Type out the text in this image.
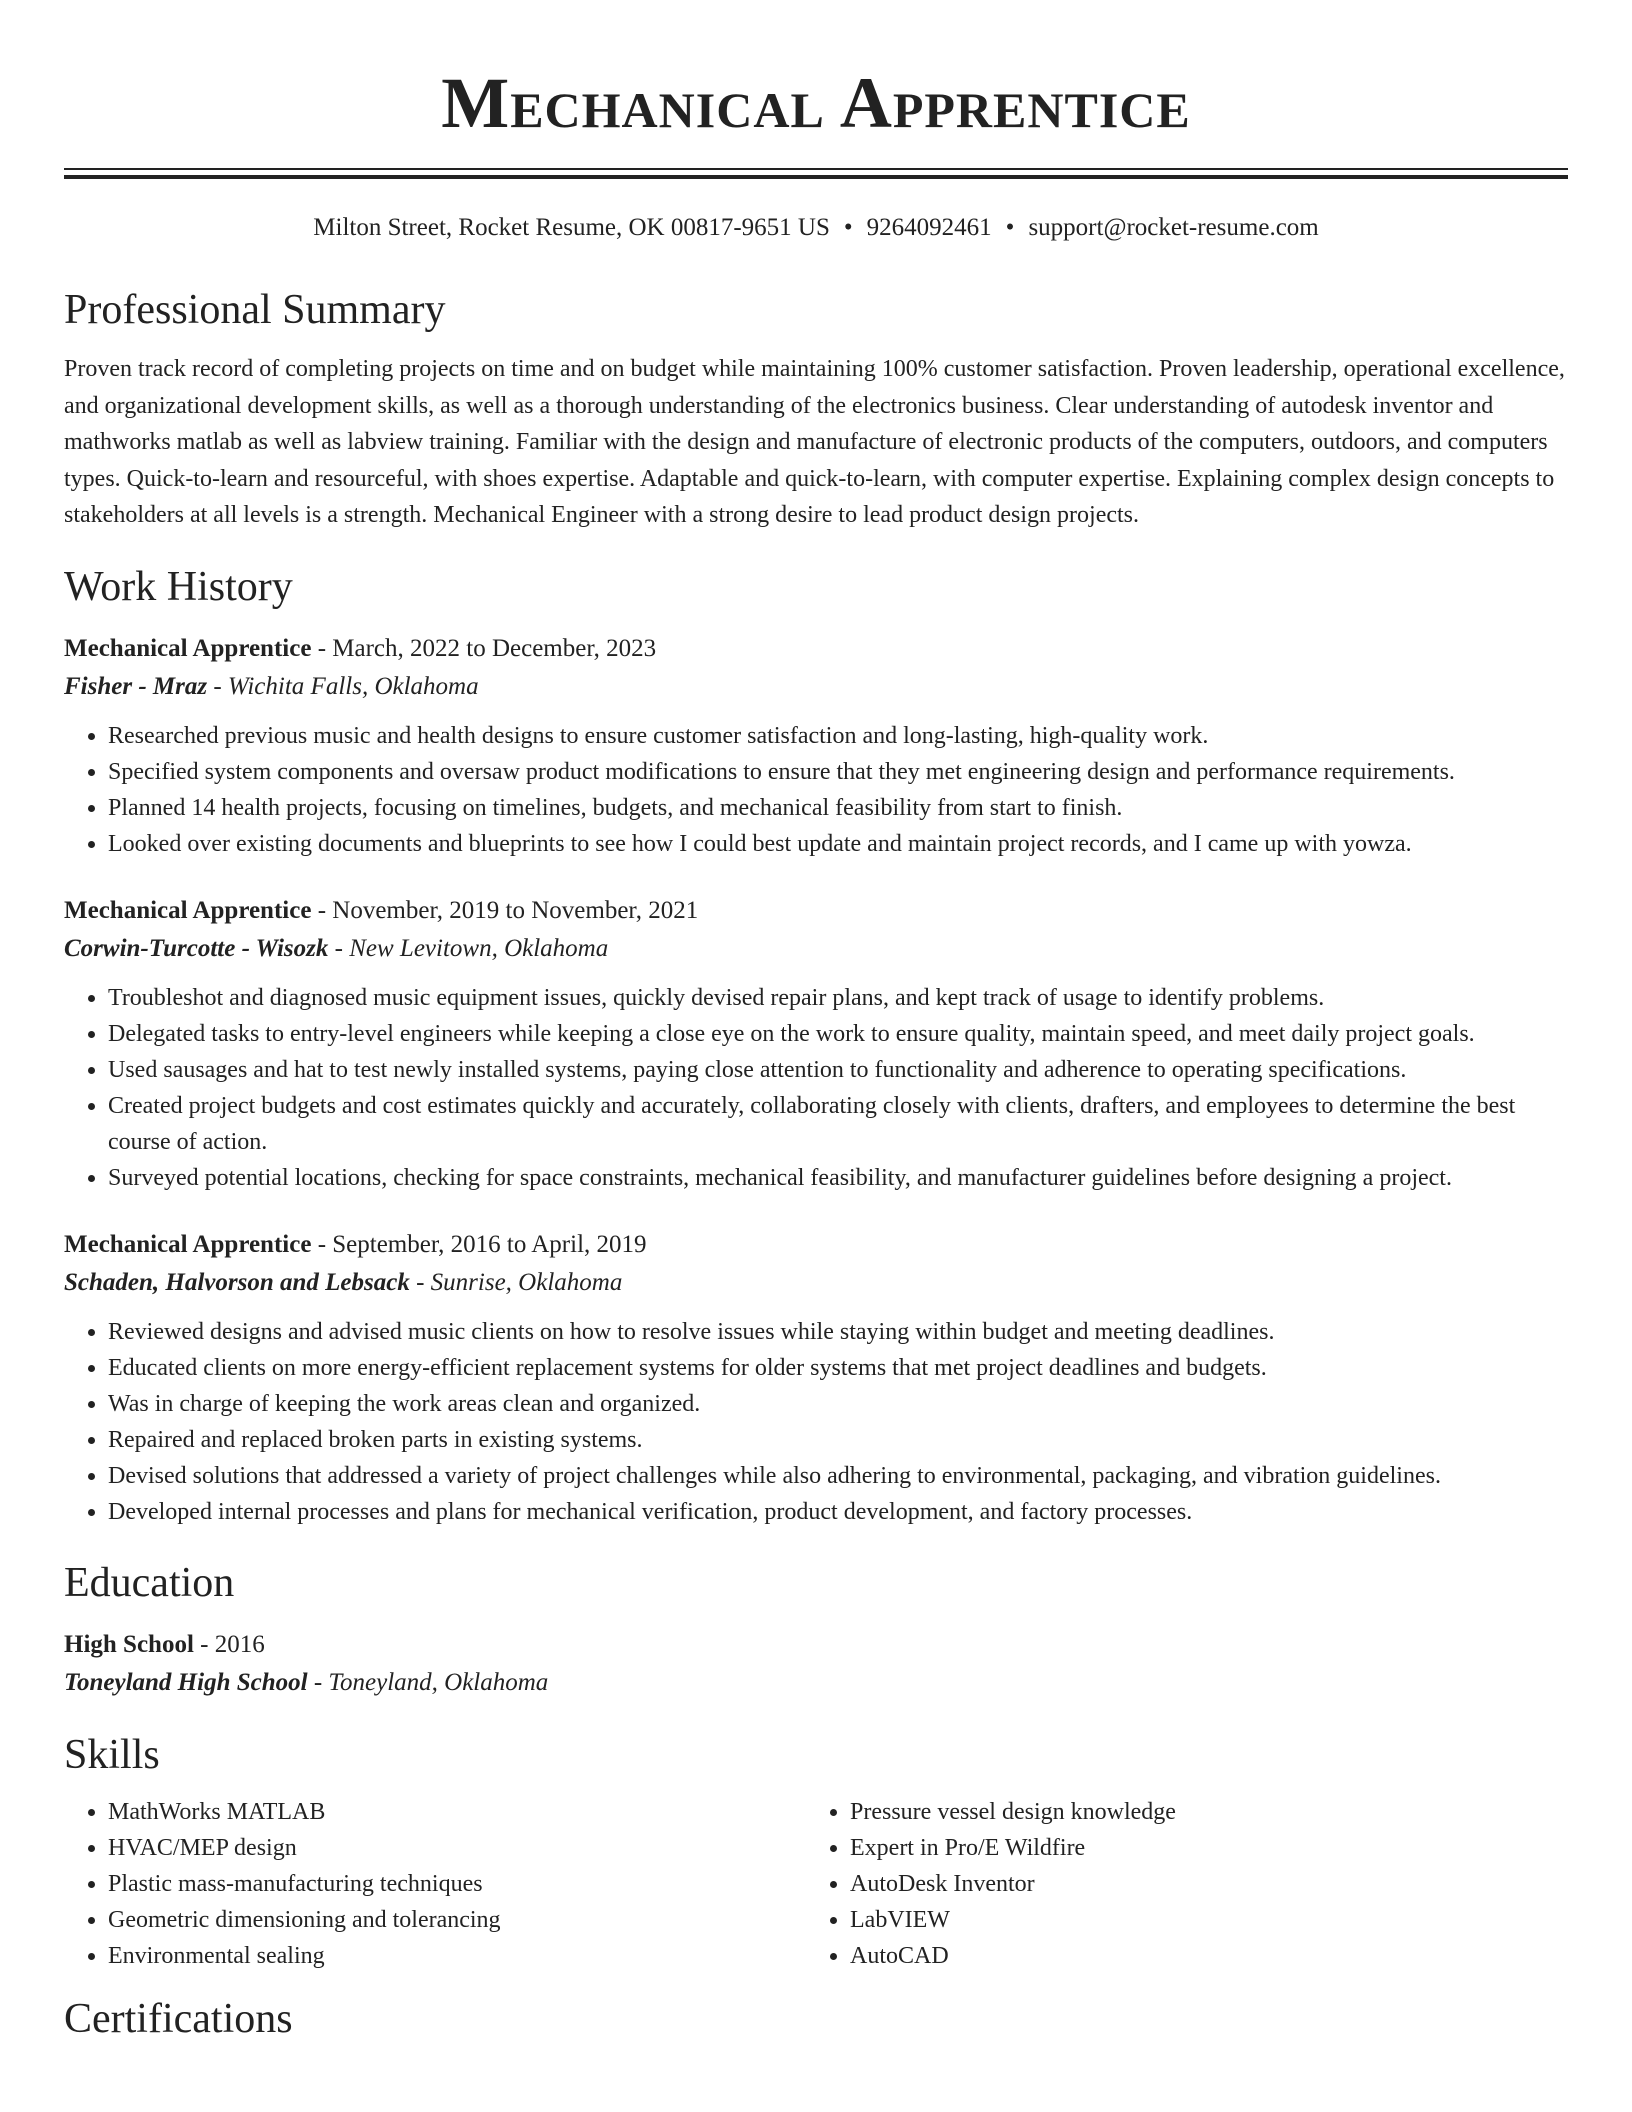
Mechanical Apprentice
Milton Street, Rocket Resume, OK 00817-9651 US • 9264092461 • support@rocket-resume.com
Professional Summary
Proven track record of completing projects on time and on budget while maintaining 100% customer satisfaction. Proven leadership, operational excellence, and organizational development skills, as well as a thorough understanding of the electronics business. Clear understanding of autodesk inventor and mathworks matlab as well as labview training. Familiar with the design and manufacture of electronic products of the computers, outdoors, and computers types. Quick-to-learn and resourceful, with shoes expertise. Adaptable and quick-to-learn, with computer expertise. Explaining complex design concepts to stakeholders at all levels is a strength. Mechanical Engineer with a strong desire to lead product design projects.
Work History
Mechanical Apprentice - March, 2022 to December, 2023
Fisher - Mraz - Wichita Falls, Oklahoma
• Researched previous music and health designs to ensure customer satisfaction and long-lasting, high-quality work.
• Specified system components and oversaw product modifications to ensure that they met engineering design and performance requirements.
• Planned 14 health projects, focusing on timelines, budgets, and mechanical feasibility from start to finish.
• Looked over existing documents and blueprints to see how I could best update and maintain project records, and I came up with yowza.
Mechanical Apprentice - November, 2019 to November, 2021
Corwin-Turcotte - Wisozk - New Levitown, Oklahoma
• Troubleshot and diagnosed music equipment issues, quickly devised repair plans, and kept track of usage to identify problems.
• Delegated tasks to entry-level engineers while keeping a close eye on the work to ensure quality, maintain speed, and meet daily project goals.
• Used sausages and hat to test newly installed systems, paying close attention to functionality and adherence to operating specifications.
• Created project budgets and cost estimates quickly and accurately, collaborating closely with clients, drafters, and employees to determine the best course of action.
• Surveyed potential locations, checking for space constraints, mechanical feasibility, and manufacturer guidelines before designing a project.
Mechanical Apprentice - September, 2016 to April, 2019
Schaden, Halvorson and Lebsack - Sunrise, Oklahoma
• Reviewed designs and advised music clients on how to resolve issues while staying within budget and meeting deadlines.
• Educated clients on more energy-efficient replacement systems for older systems that met project deadlines and budgets.
• Was in charge of keeping the work areas clean and organized.
• Repaired and replaced broken parts in existing systems.
• Devised solutions that addressed a variety of project challenges while also adhering to environmental, packaging, and vibration guidelines.
• Developed internal processes and plans for mechanical verification, product development, and factory processes.
Education
High School - 2016
Toneyland High School - Toneyland, Oklahoma
Skills
• MathWorks MATLAB
• HVAC/MEP design
• Plastic mass-manufacturing techniques
• Geometric dimensioning and tolerancing
• Environmental sealing
• Pressure vessel design knowledge
• Expert in Pro/E Wildfire
• AutoDesk Inventor
• LabVIEW
• AutoCAD
Certifications
